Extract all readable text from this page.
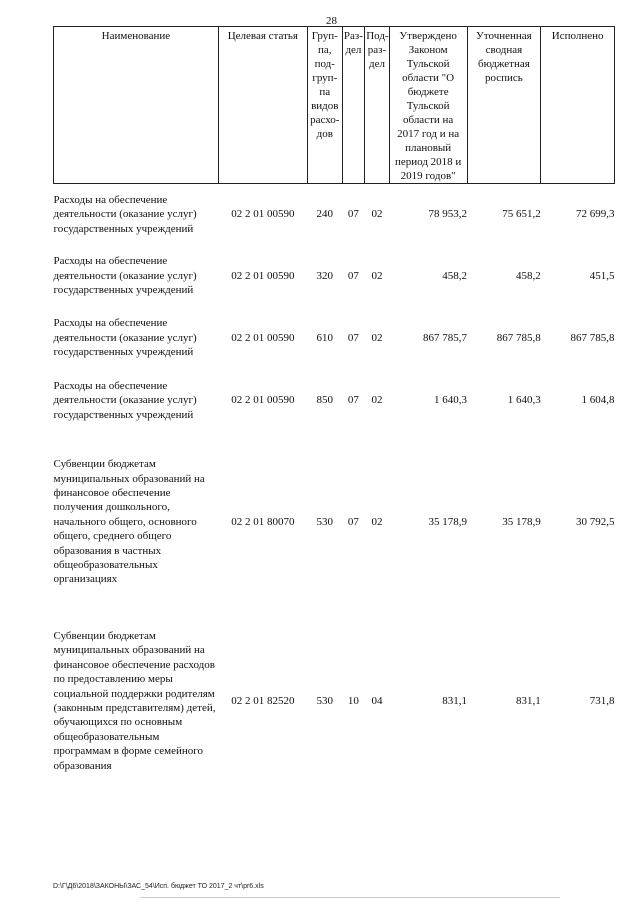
28
Наименование	Целевая статья	Груп-па, под-груп-па видов расхо-дов	Раз-дел	Под-раз-дел	Утверждено Законом Тульской области "О бюджете Тульской области на 2017 год и на плановый период 2018 и 2019 годов"	Уточненная сводная бюджетная роспись	Исполнено
Расходы на обеспечение деятельности (оказание услуг) государственных учреждений	02 2 01 00590	240	07	02	78 953,2	75 651,2	72 699,3
Расходы на обеспечение деятельности (оказание услуг) государственных учреждений	02 2 01 00590	320	07	02	458,2	458,2	451,5
Расходы на обеспечение деятельности (оказание услуг) государственных учреждений	02 2 01 00590	610	07	02	867 785,7	867 785,8	867 785,8
Расходы на обеспечение деятельности (оказание услуг) государственных учреждений	02 2 01 00590	850	07	02	1 640,3	1 640,3	1 604,8
Субвенции бюджетам муниципальных образований на финансовое обеспечение получения дошкольного, начального общего, основного общего, среднего общего образования в частных общеобразовательных организациях	02 2 01 80070	530	07	02	35 178,9	35 178,9	30 792,5
Субвенции бюджетам муниципальных образований на финансовое обеспечение расходов по предоставлению меры социальной поддержки родителям (законным представителям) детей, обучающихся по основным общеобразовательным программам в форме семейного образования	02 2 01 82520	530	10	04	831,1	831,1	731,8
D:\Г\Д6\2018\ЗАКОНЫ\ЗАС_54\Исп. бюджет ТО 2017_2 чт\pr6.xls
